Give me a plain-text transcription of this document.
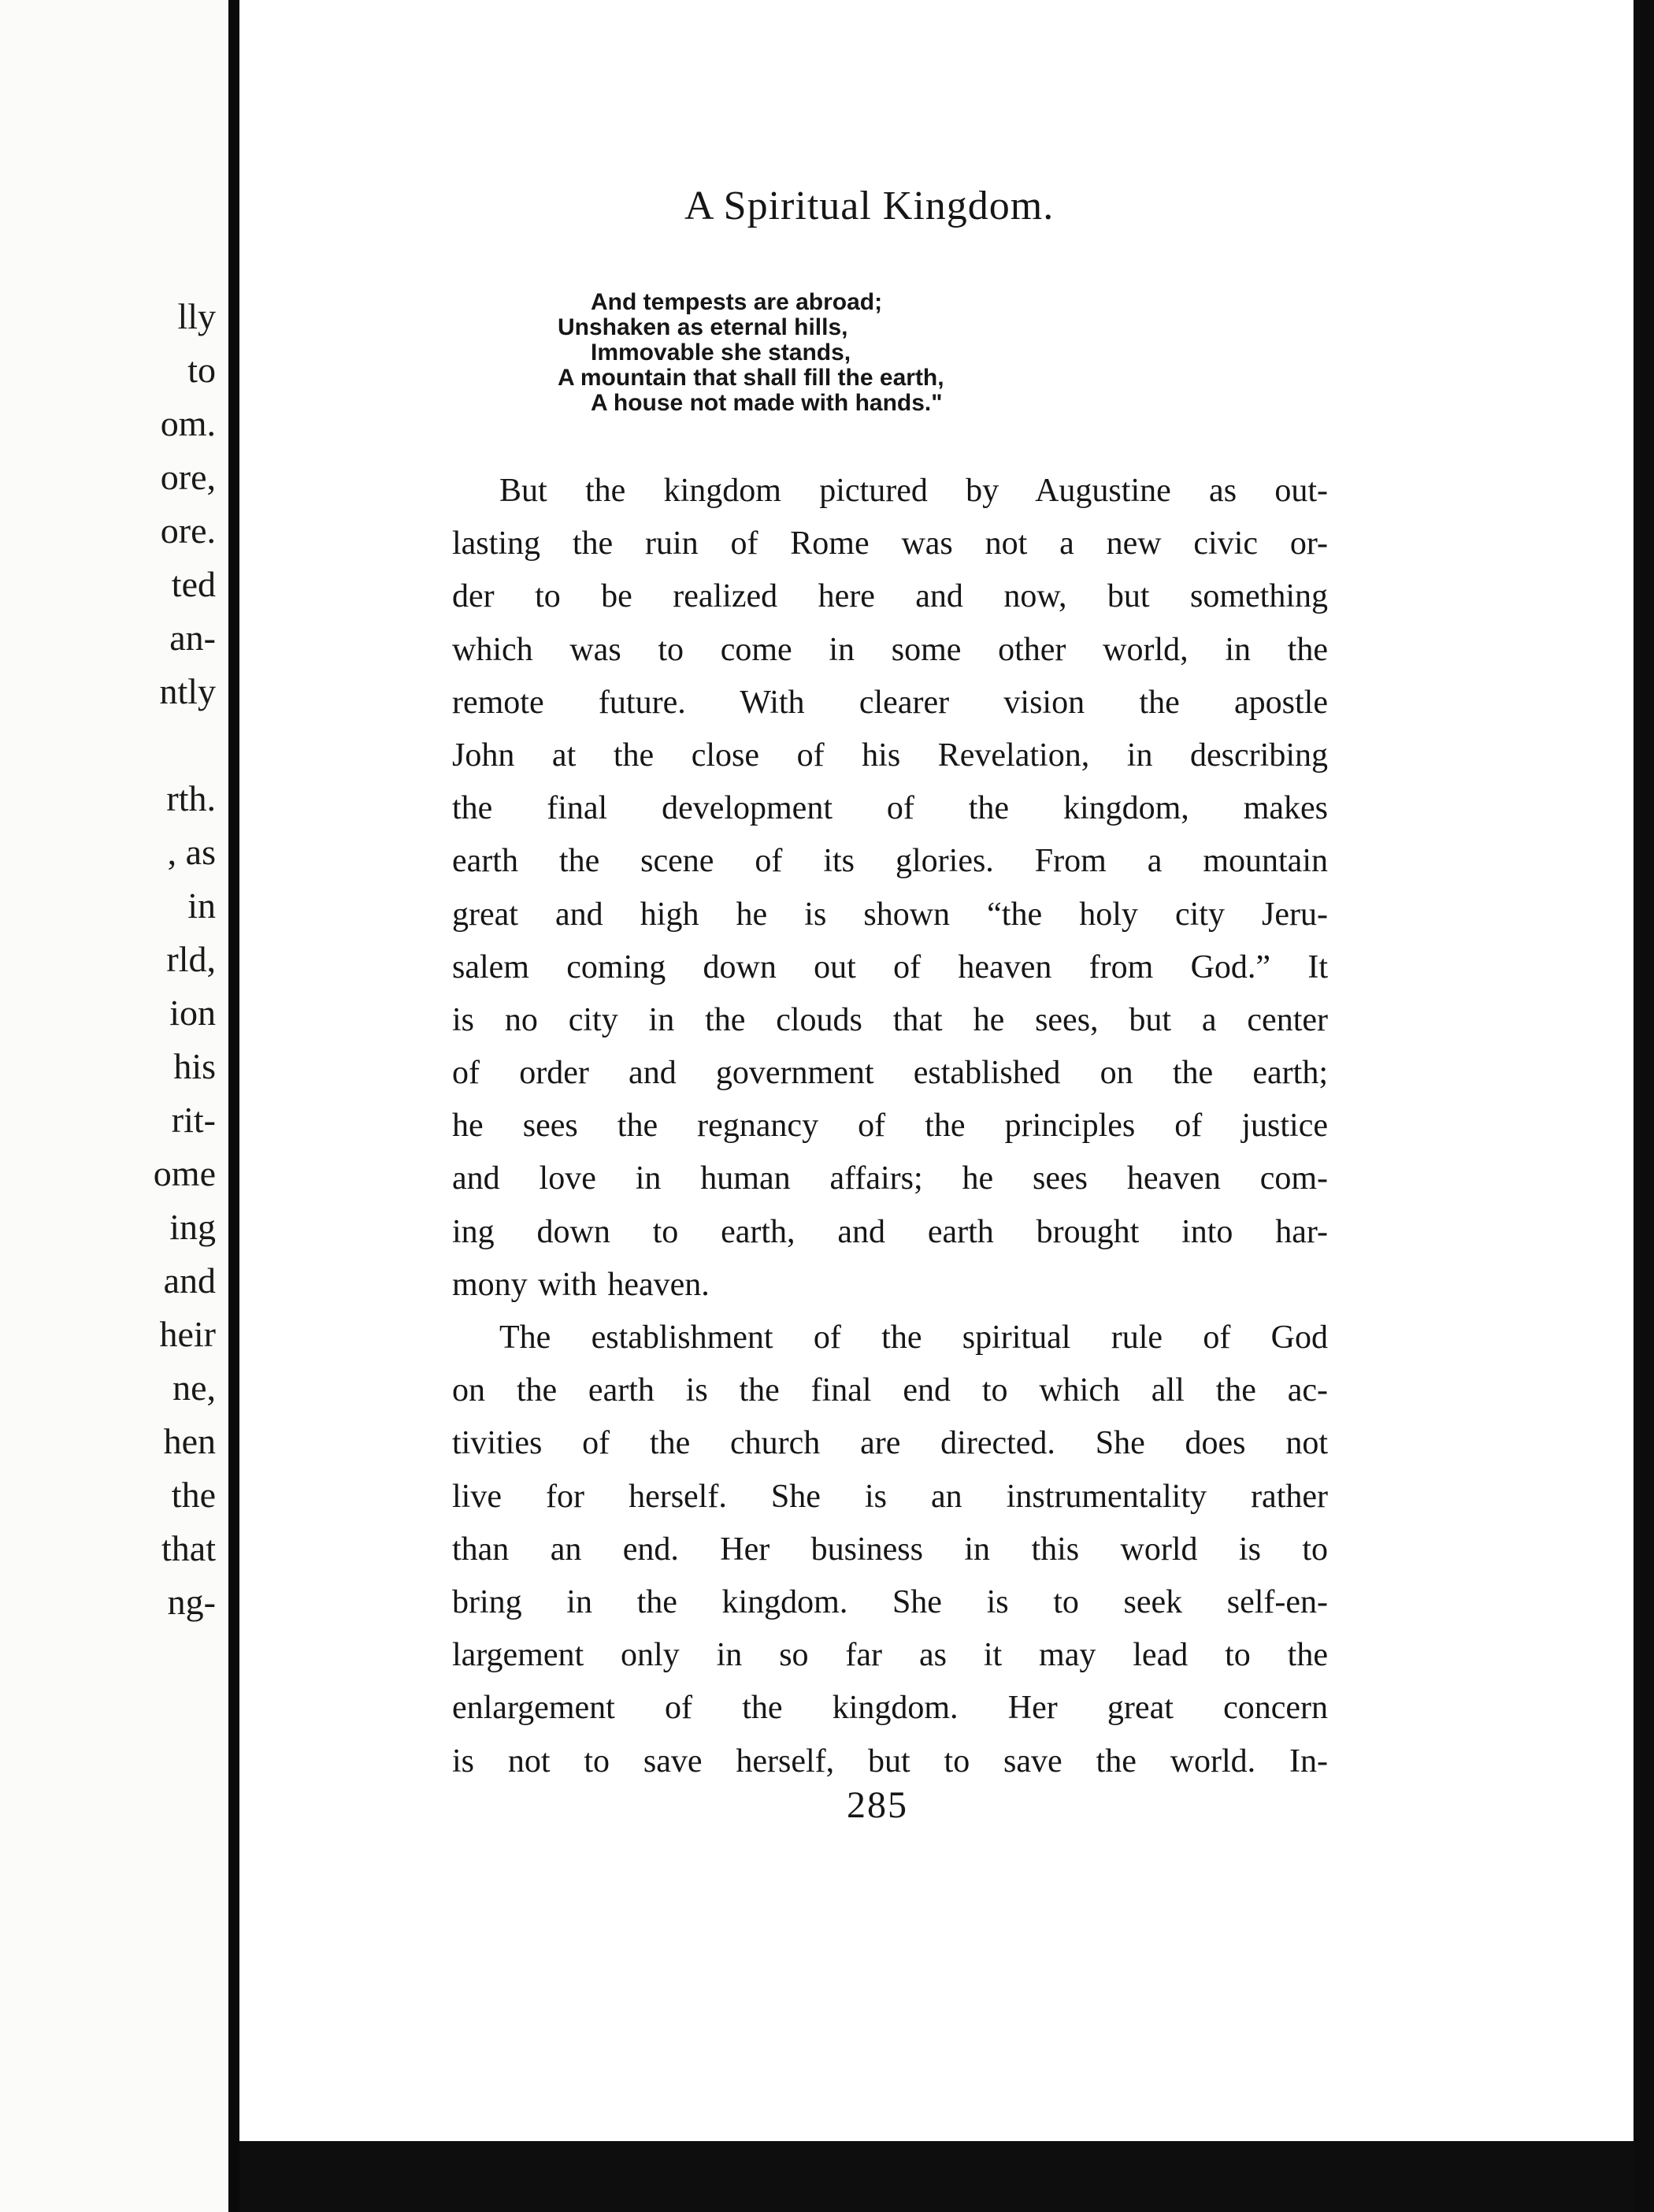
lly
to
om.
ore,
ore.
ted
an-
ntly
rth.
, as
in
rld,
ion
his
rit-
ome
ing
and
heir
ne,
hen
the
that
ng-
A Spiritual Kingdom.
And tempests are abroad;
Unshaken as eternal hills,
Immovable she stands,
A mountain that shall fill the earth,
A house not made with hands."
But the kingdom pictured by Augustine as out-
lasting the ruin of Rome was not a new civic or-
der to be realized here and now, but something
which was to come in some other world, in the
remote future. With clearer vision the apostle
John at the close of his Revelation, in describing
the final development of the kingdom, makes
earth the scene of its glories. From a mountain
great and high he is shown “the holy city Jeru-
salem coming down out of heaven from God.” It
is no city in the clouds that he sees, but a center
of order and government established on the earth;
he sees the regnancy of the principles of justice
and love in human affairs; he sees heaven com-
ing down to earth, and earth brought into har-
mony with heaven.
The establishment of the spiritual rule of God
on the earth is the final end to which all the ac-
tivities of the church are directed. She does not
live for herself. She is an instrumentality rather
than an end. Her business in this world is to
bring in the kingdom. She is to seek self-en-
largement only in so far as it may lead to the
enlargement of the kingdom. Her great concern
is not to save herself, but to save the world. In-
285
